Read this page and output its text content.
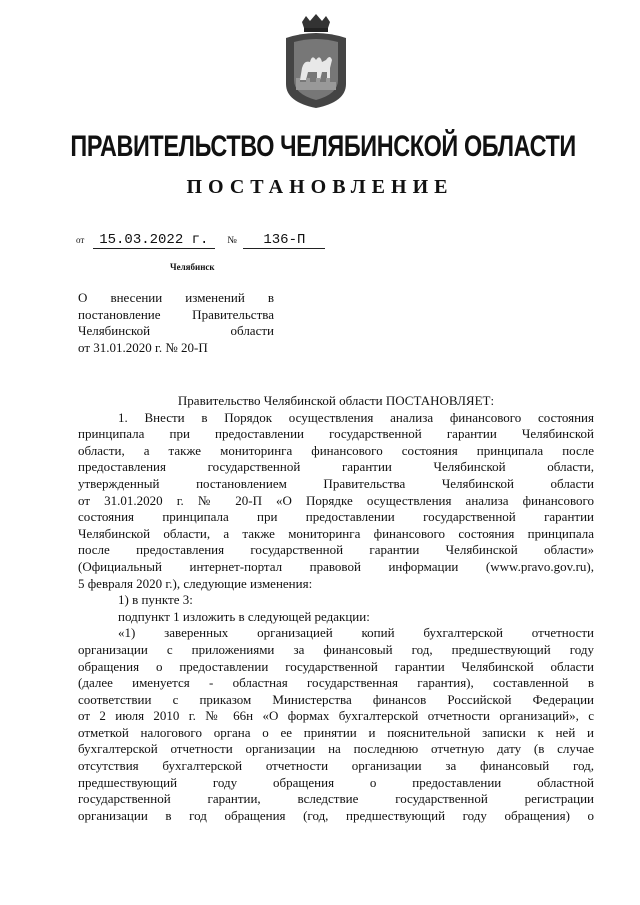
ПРАВИТЕЛЬСТВО ЧЕЛЯБИНСКОЙ ОБЛАСТИ
ПОСТАНОВЛЕНИЕ
от 15.03.2022 г. № 136-П
Челябинск
О внесении изменений в
постановление Правительства
Челябинской области
от 31.01.2020 г. № 20-П
Правительство Челябинской области ПОСТАНОВЛЯЕТ:
1. Внести в Порядок осуществления анализа финансового состояния
принципала при предоставлении государственной гарантии Челябинской
области, а также мониторинга финансового состояния принципала после
предоставления государственной гарантии Челябинской области,
утвержденный постановлением Правительства Челябинской области
от 31.01.2020 г. № 20-П «О Порядке осуществления анализа финансового
состояния принципала при предоставлении государственной гарантии
Челябинской области, а также мониторинга финансового состояния принципала
после предоставления государственной гарантии Челябинской области»
(Официальный интернет-портал правовой информации (www.pravo.gov.ru),
5 февраля 2020 г.), следующие изменения:
1) в пункте 3:
подпункт 1 изложить в следующей редакции:
«1) заверенных организацией копий бухгалтерской отчетности
организации с приложениями за финансовый год, предшествующий году
обращения о предоставлении государственной гарантии Челябинской области
(далее именуется - областная государственная гарантия), составленной в
соответствии с приказом Министерства финансов Российской Федерации
от 2 июля 2010 г. № 66н «О формах бухгалтерской отчетности организаций», с
отметкой налогового органа о ее принятии и пояснительной записки к ней и
бухгалтерской отчетности организации на последнюю отчетную дату (в случае
отсутствия бухгалтерской отчетности организации за финансовый год,
предшествующий году обращения о предоставлении областной
государственной гарантии, вследствие государственной регистрации
организации в год обращения (год, предшествующий году обращения) о
